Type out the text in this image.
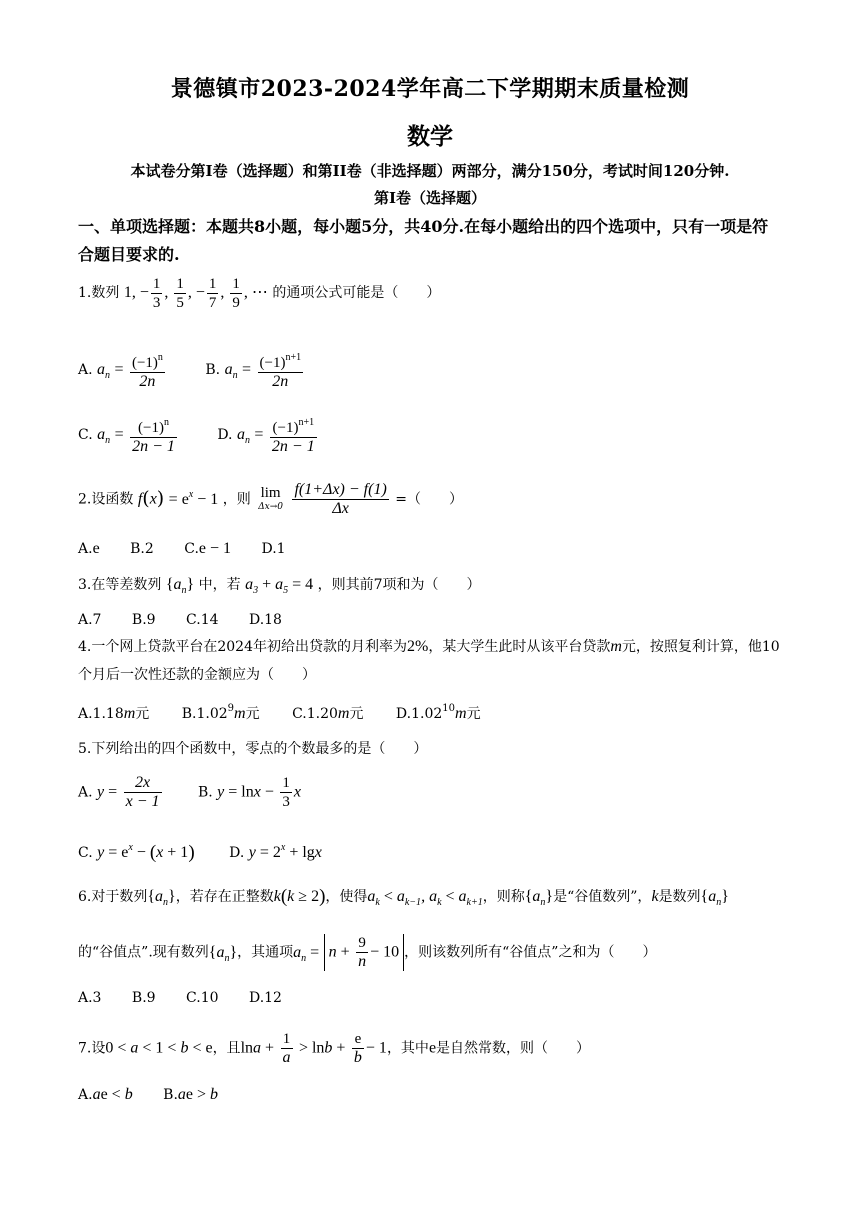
景德镇市2023-2024学年高二下学期期末质量检测
数学
本试卷分第I卷（选择题）和第II卷（非选择题）两部分，满分150分，考试时间120分钟.
第I卷（选择题）
一、单项选择题：本题共8小题，每小题5分，共40分.在每小题给出的四个选项中，只有一项是符合题目要求的.
1.数列 1, − $\frac{1}{3}$ , $\frac{1}{5}$ , − $\frac{1}{7}$ , $\frac{1}{9}$ , ⋯ 的通项公式可能是（　　）
A. $a_n = \frac{(-1)^n}{2n}$	B. $a_n = \frac{(-1)^{n+1}}{2n}$
C. $a_n = \frac{(-1)^n}{2n - 1}$	D. $a_n = \frac{(-1)^{n+1}}{2n - 1}$
2.设函数 $f(x) = e^x - 1$ ，则 lim
Δx→0
$\frac{f(1+\Delta x) - f(1)}{\Delta x}$ =（　　）
A.e B.2 C.e − 1 D.1
3.在等差数列 $\{a_n\}$ 中，若 $a_3 + a_5 = 4$ ，则其前7项和为（　　）
A.7 B.9 C.14 D.18
4.一个网上贷款平台在2024年初给出贷款的月利率为2%，某大学生此时从该平台贷款m元，按照复利计算，他10个月后一次性还款的金额应为（　　）
A.1.18m元 B.1.02$^9$m元 C.1.20m元 D.1.02$^{10}$m元
5.下列给出的四个函数中，零点的个数最多的是（　　）
A. $y = \frac{2x}{x - 1}$	B. $y = \ln x - \frac{1}{3}$ x
C. $y = e^x - (x + 1)$ D. $y = 2^x + \lg x$
6.对于数列$\{a_n\}$，若存在正整数k(k ≥ 2)，使得$a_k < a_{k-1}$, $a_k < a_{k+1}$，则称$\{a_n\}$是“谷值数列”，k是数列$\{a_n\}$
的“谷值点”.现有数列$\{a_n\}$，其通项$a_n = n + \frac{9}{n} - 10$ ，则该数列所有“谷值点”之和为（　　）
A.3 B.9 C.10 D.12
7.设0 < a < 1 < b < e，且$\ln a + \frac{1}{a} > \ln b + \frac{e}{b} - 1$，其中e是自然常数，则（　　）
A.ae < b B.ae > b
